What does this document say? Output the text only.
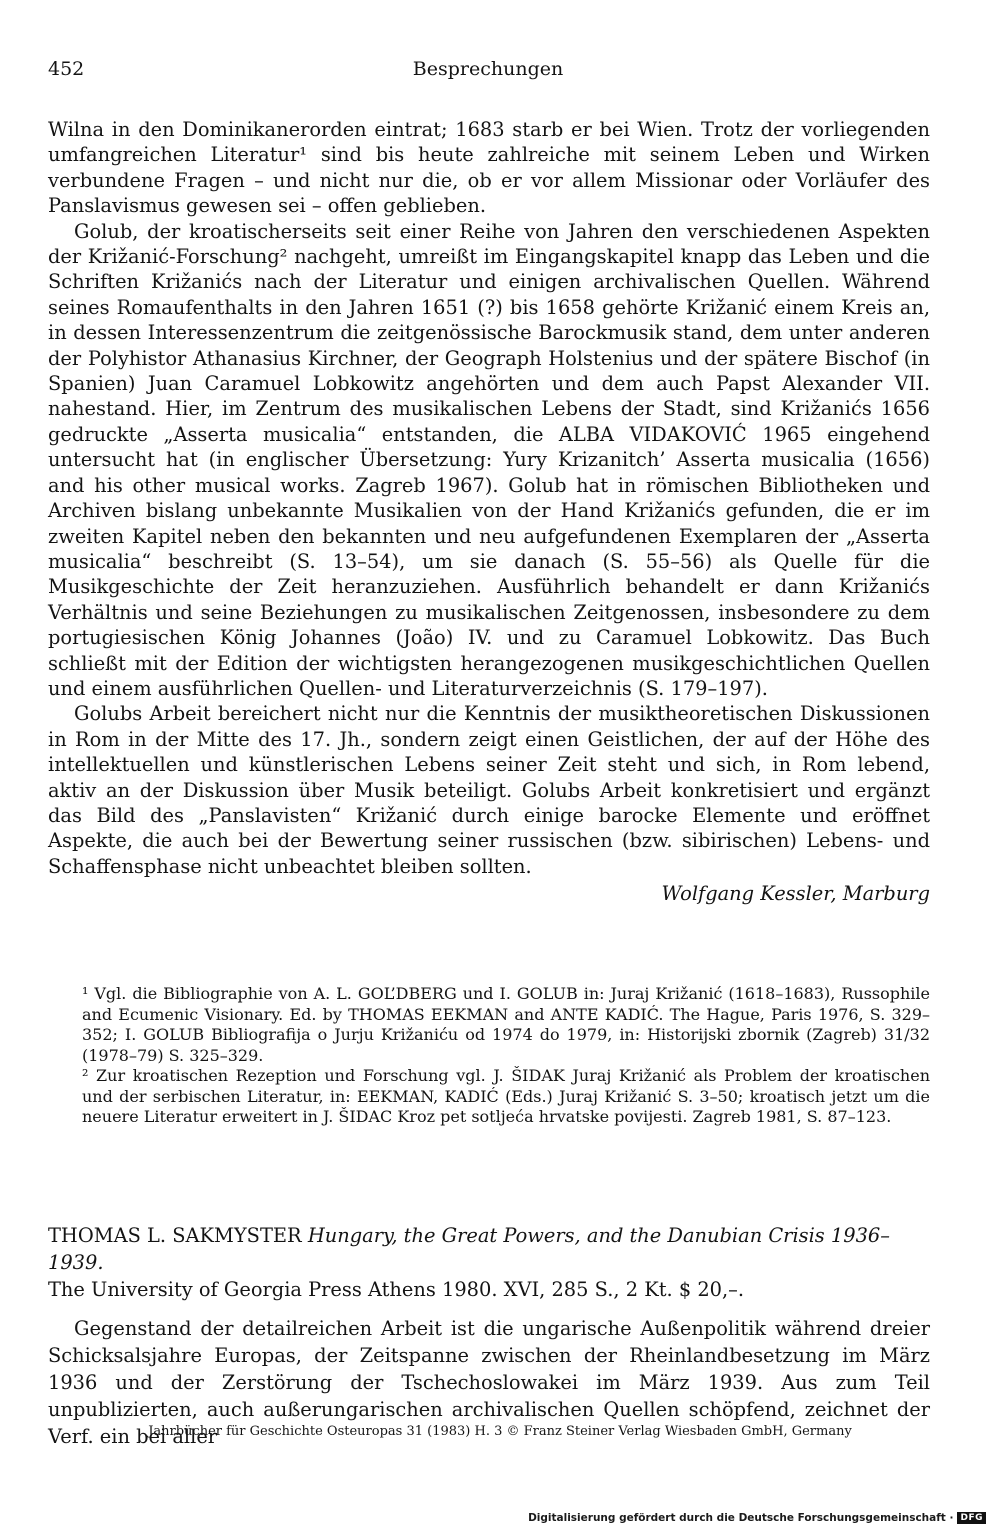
452	Besprechungen

Wilna in den Dominikanerorden eintrat; 1683 starb er bei Wien. Trotz der vorliegenden umfangreichen Literatur¹ sind bis heute zahlreiche mit seinem Leben und Wirken verbundene Fragen – und nicht nur die, ob er vor allem Missionar oder Vorläufer des Panslavismus gewesen sei – offen geblieben.

Golub, der kroatischerseits seit einer Reihe von Jahren den verschiedenen Aspekten der Križanić-Forschung² nachgeht, umreißt im Eingangskapitel knapp das Leben und die Schriften Križanićs nach der Literatur und einigen archivalischen Quellen. Während seines Romaufenthalts in den Jahren 1651 (?) bis 1658 gehörte Križanić einem Kreis an, in dessen Interessenzentrum die zeitgenössische Barockmusik stand, dem unter anderen der Polyhistor Athanasius Kirchner, der Geograph Holstenius und der spätere Bischof (in Spanien) Juan Caramuel Lobkowitz angehörten und dem auch Papst Alexander VII. nahestand. Hier, im Zentrum des musikalischen Lebens der Stadt, sind Križanićs 1656 gedruckte „Asserta musicalia“ entstanden, die ALBA VIDAKOVIĆ 1965 eingehend untersucht hat (in englischer Übersetzung: Yury Krizanitch’ Asserta musicalia (1656) and his other musical works. Zagreb 1967). Golub hat in römischen Bibliotheken und Archiven bislang unbekannte Musikalien von der Hand Križanićs gefunden, die er im zweiten Kapitel neben den bekannten und neu aufgefundenen Exemplaren der „Asserta musicalia“ beschreibt (S. 13–54), um sie danach (S. 55–56) als Quelle für die Musikgeschichte der Zeit heranzuziehen. Ausführlich behandelt er dann Križanićs Verhältnis und seine Beziehungen zu musikalischen Zeitgenossen, insbesondere zu dem portugiesischen König Johannes (João) IV. und zu Caramuel Lobkowitz. Das Buch schließt mit der Edition der wichtigsten herangezogenen musikgeschichtlichen Quellen und einem ausführlichen Quellen- und Literaturverzeichnis (S. 179–197).

Golubs Arbeit bereichert nicht nur die Kenntnis der musiktheoretischen Diskussionen in Rom in der Mitte des 17. Jh., sondern zeigt einen Geistlichen, der auf der Höhe des intellektuellen und künstlerischen Lebens seiner Zeit steht und sich, in Rom lebend, aktiv an der Diskussion über Musik beteiligt. Golubs Arbeit konkretisiert und ergänzt das Bild des „Panslavisten“ Križanić durch einige barocke Elemente und eröffnet Aspekte, die auch bei der Bewertung seiner russischen (bzw. sibirischen) Lebens- und Schaffensphase nicht unbeachtet bleiben sollten.

Wolfgang Kessler, Marburg

¹ Vgl. die Bibliographie von A. L. GOL’DBERG und I. GOLUB in: Juraj Križanić (1618–1683), Russophile and Ecumenic Visionary. Ed. by THOMAS EEKMAN and ANTE KADIĆ. The Hague, Paris 1976, S. 329–352; I. GOLUB Bibliografija o Jurju Križaniću od 1974 do 1979, in: Historijski zbornik (Zagreb) 31/32 (1978–79) S. 325–329.

² Zur kroatischen Rezeption und Forschung vgl. J. ŠIDAK Juraj Križanić als Problem der kroatischen und der serbischen Literatur, in: EEKMAN, KADIĆ (Eds.) Juraj Križanić S. 3–50; kroatisch jetzt um die neuere Literatur erweitert in J. ŠIDAC Kroz pet sotljeća hrvatske povijesti. Zagreb 1981, S. 87–123.

THOMAS L. SAKMYSTER Hungary, the Great Powers, and the Danubian Crisis 1936–1939.

The University of Georgia Press Athens 1980. XVI, 285 S., 2 Kt. $ 20,–.

Gegenstand der detailreichen Arbeit ist die ungarische Außenpolitik während dreier Schicksalsjahre Europas, der Zeitspanne zwischen der Rheinlandbesetzung im März 1936 und der Zerstörung der Tschechoslowakei im März 1939. Aus zum Teil unpublizierten, auch außerungarischen archivalischen Quellen schöpfend, zeichnet der Verf. ein bei aller

Jahrbücher für Geschichte Osteuropas 31 (1983) H. 3 © Franz Steiner Verlag Wiesbaden GmbH, Germany
Digitalisierung gefördert durch die Deutsche Forschungsgemeinschaft · DFG
